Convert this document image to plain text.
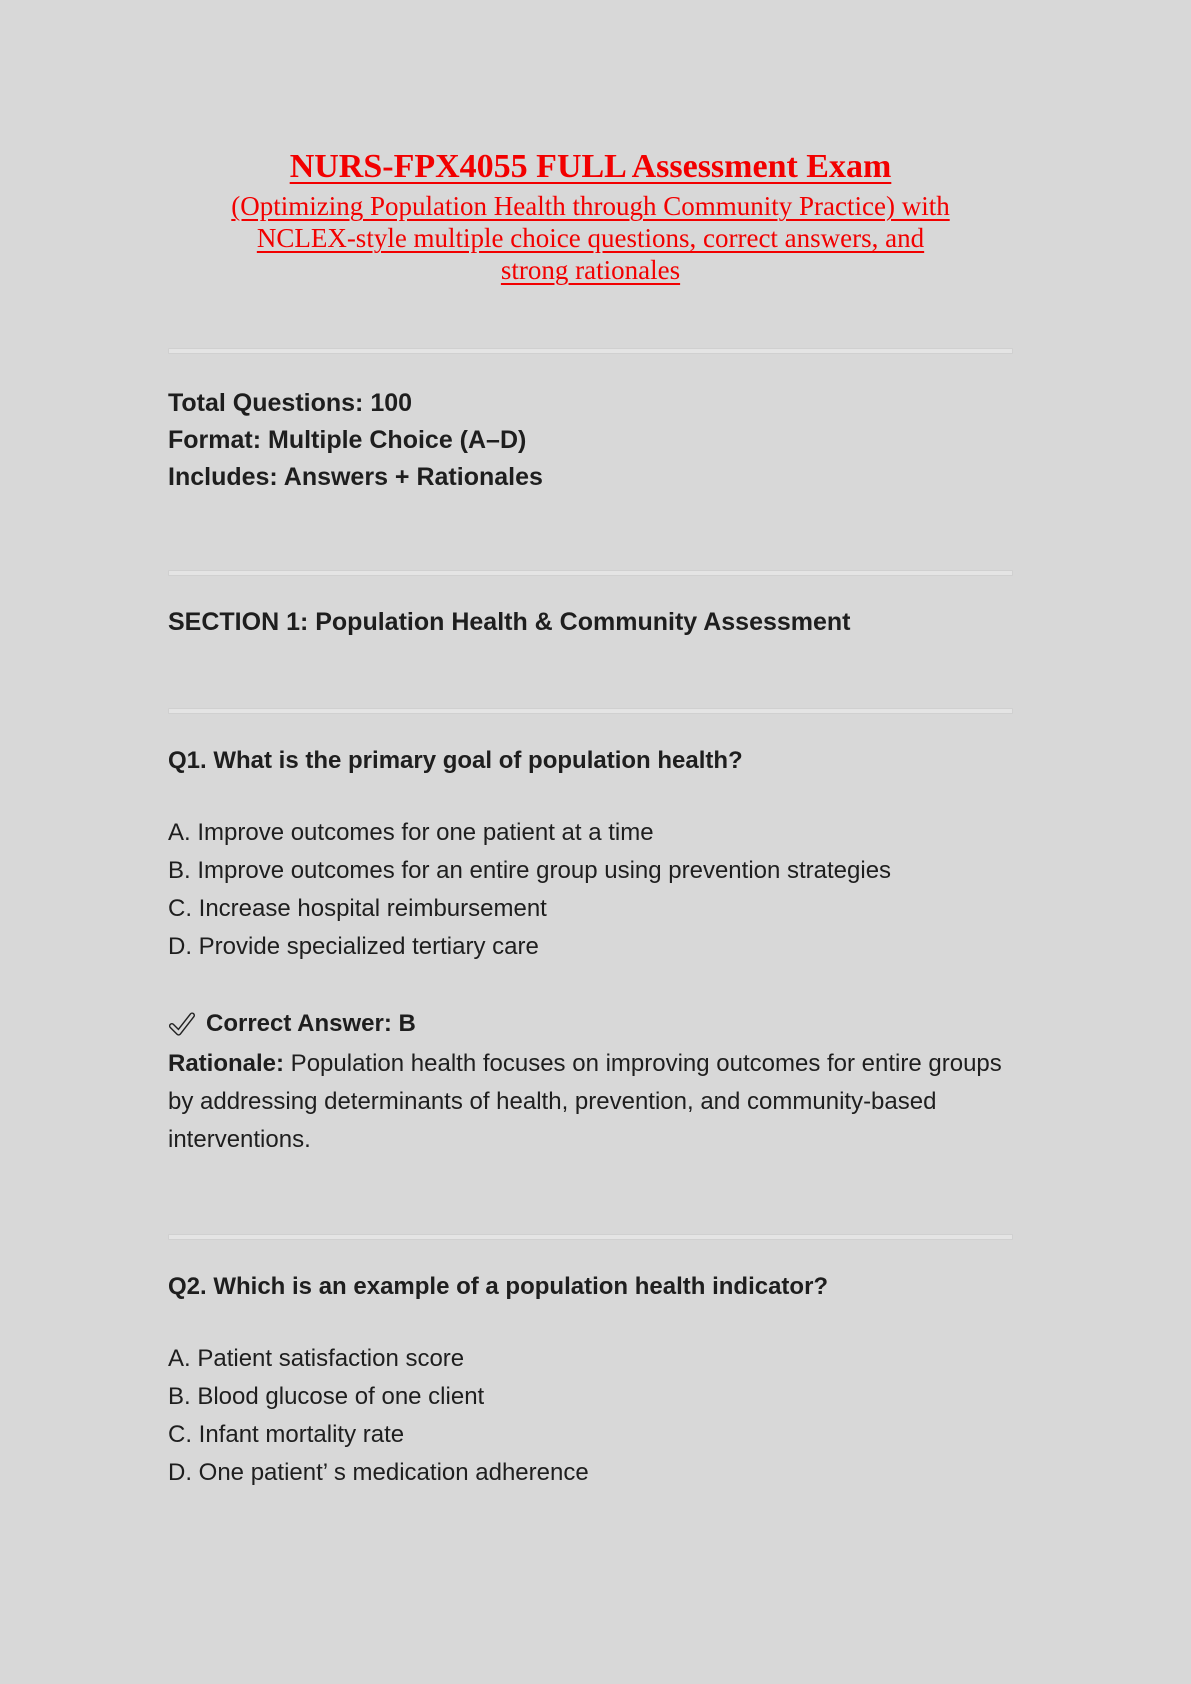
NURS-FPX4055 FULL Assessment Exam

(Optimizing Population Health through Community Practice) with

NCLEX-style multiple choice questions, correct answers, and

strong rationales

Total Questions: 100

Format: Multiple Choice (A–D)

Includes: Answers + Rationales

SECTION 1: Population Health & Community Assessment
Q1. What is the primary goal of population health?

A. Improve outcomes for one patient at a time

B. Improve outcomes for an entire group using prevention strategies

C. Increase hospital reimbursement

D. Provide specialized tertiary care

Correct Answer: B

Rationale: Population health focuses on improving outcomes for entire groups by addressing determinants of health, prevention, and community-based interventions.

Q2. Which is an example of a population health indicator?

A. Patient satisfaction score

B. Blood glucose of one client

C. Infant mortality rate

D. One patient’ s medication adherence
